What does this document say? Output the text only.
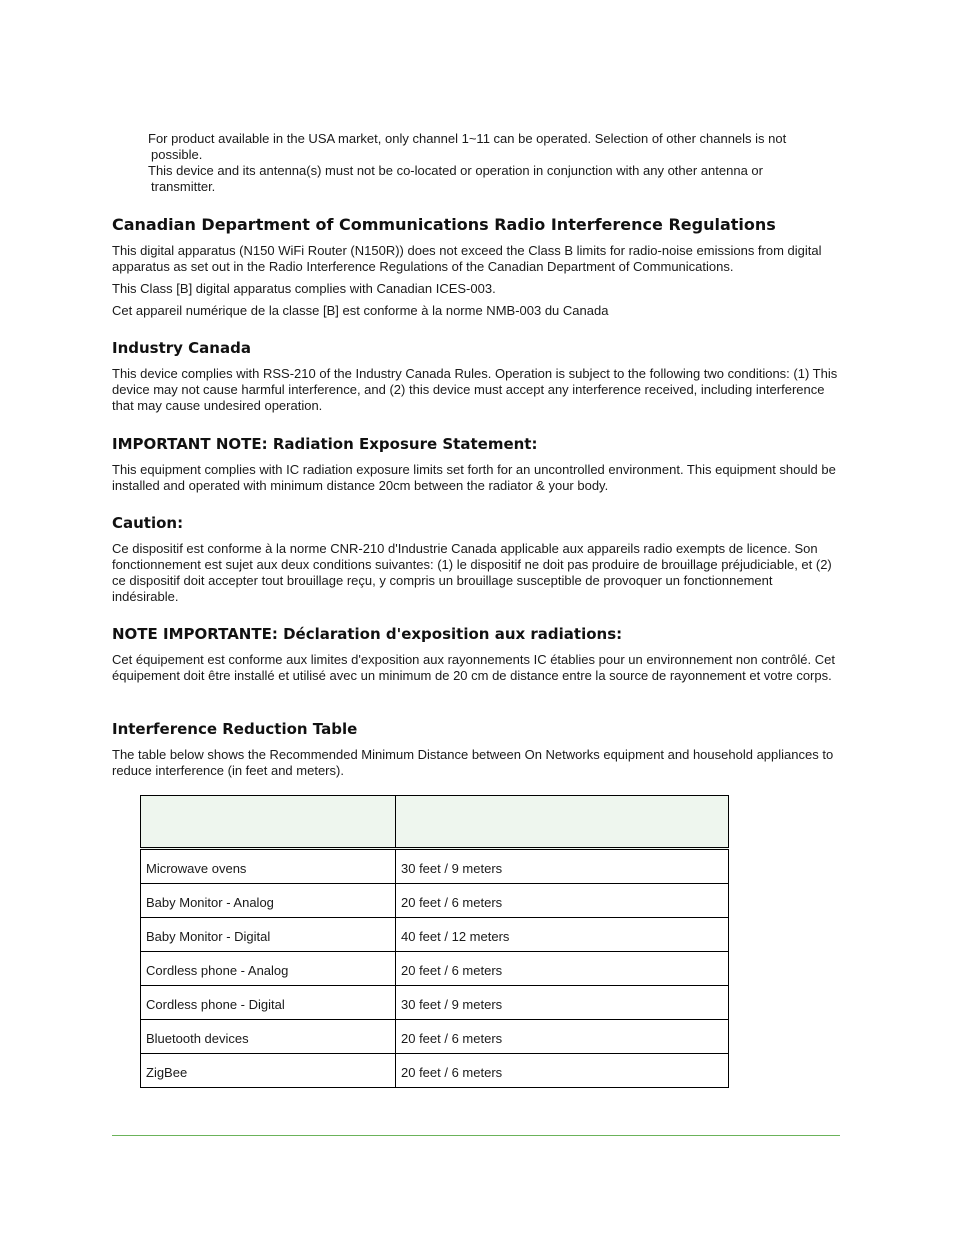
For product available in the USA market, only channel 1~11 can be operated. Selection of other channels is not

possible.

This device and its antenna(s) must not be co-located or operation in conjunction with any other antenna or

transmitter.

Canadian Department of Communications Radio Interference Regulations

This digital apparatus (N150 WiFi Router (N150R)) does not exceed the Class B limits for radio-noise emissions from digital apparatus as set out in the Radio Interference Regulations of the Canadian Department of Communications.

This Class [B] digital apparatus complies with Canadian ICES-003.

Cet appareil numérique de la classe [B] est conforme à la norme NMB-003 du Canada

Industry Canada

This device complies with RSS-210 of the Industry Canada Rules. Operation is subject to the following two conditions: (1) This device may not cause harmful interference, and (2) this device must accept any interference received, including interference that may cause undesired operation.

IMPORTANT NOTE: Radiation Exposure Statement:

This equipment complies with IC radiation exposure limits set forth for an uncontrolled environment. This equipment should be installed and operated with minimum distance 20cm between the radiator & your body.

Caution:

Ce dispositif est conforme à la norme CNR-210 d'Industrie Canada applicable aux appareils radio exempts de licence. Son fonctionnement est sujet aux deux conditions suivantes: (1) le dispositif ne doit pas produire de brouillage préjudiciable, et (2) ce dispositif doit accepter tout brouillage reçu, y compris un brouillage susceptible de provoquer un fonctionnement indésirable.

NOTE IMPORTANTE: Déclaration d'exposition aux radiations:

Cet équipement est conforme aux limites d'exposition aux rayonnements IC établies pour un environnement non contrôlé. Cet équipement doit être installé et utilisé avec un minimum de 20 cm de distance entre la source de rayonnement et votre corps.

Interference Reduction Table

The table below shows the Recommended Minimum Distance between On Networks equipment and household appliances to reduce interference (in feet and meters).

Microwave ovens	30 feet / 9 meters
Baby Monitor - Analog	20 feet / 6 meters
Baby Monitor - Digital	40 feet / 12 meters
Cordless phone - Analog	20 feet / 6 meters
Cordless phone - Digital	30 feet / 9 meters
Bluetooth devices	20 feet / 6 meters
ZigBee	20 feet / 6 meters
